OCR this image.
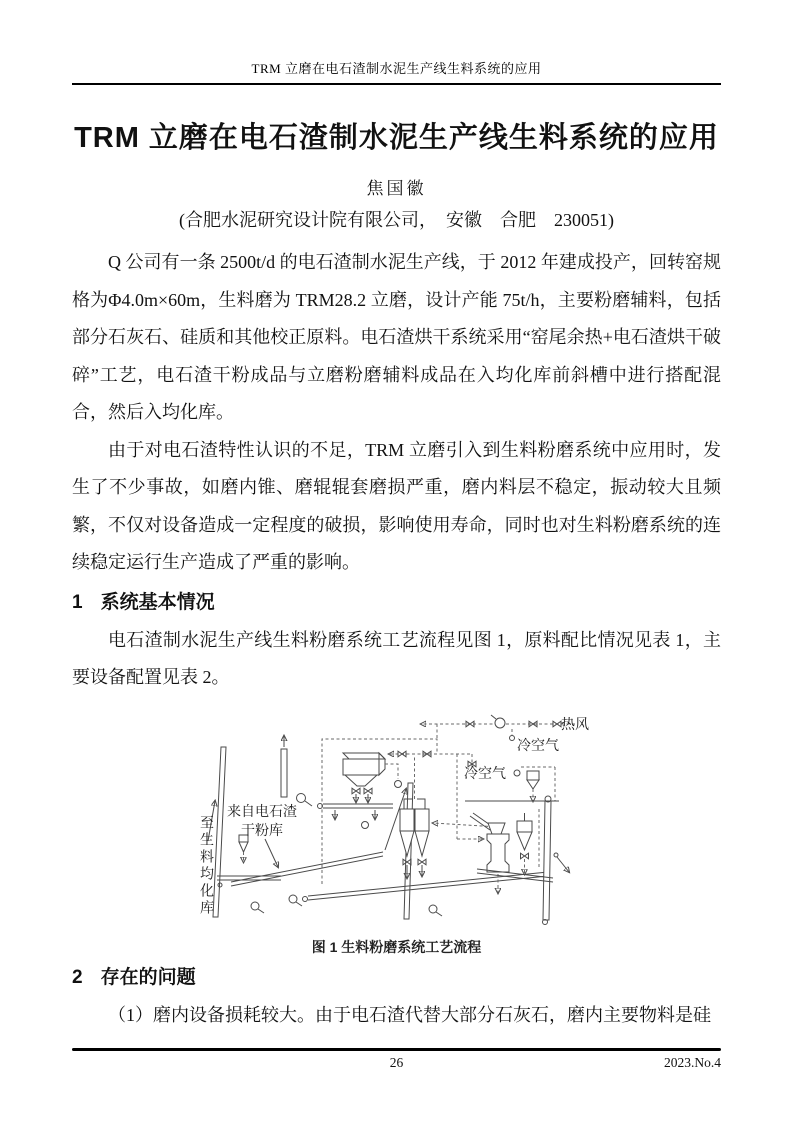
TRM 立磨在电石渣制水泥生产线生料系统的应用
TRM 立磨在电石渣制水泥生产线生料系统的应用
焦国徽
(合肥水泥研究设计院有限公司，　安徽　合肥　230051)

Q 公司有一条 2500t/d 的电石渣制水泥生产线，于 2012 年建成投产，回转窑规格为Φ4.0m×60m，生料磨为 TRM28.2 立磨，设计产能 75t/h，主要粉磨辅料，包括部分石灰石、硅质和其他校正原料。电石渣烘干系统采用“窑尾余热+电石渣烘干破碎”工艺，电石渣干粉成品与立磨粉磨辅料成品在入均化库前斜槽中进行搭配混合，然后入均化库。

由于对电石渣特性认识的不足，TRM 立磨引入到生料粉磨系统中应用时，发生了不少事故，如磨内锥、磨辊辊套磨损严重，磨内料层不稳定，振动较大且频繁，不仅对设备造成一定程度的破损，影响使用寿命，同时也对生料粉磨系统的连续稳定运行生产造成了严重的影响。

1 系统基本情况

电石渣制水泥生产线生料粉磨系统工艺流程见图 1，原料配比情况见表 1，主要设备配置见表 2。

热风
冷空气
冷空气
来自电石渣
干粉库
至生料均化库
图 1 生料粉磨系统工艺流程
2 存在的问题

（1）磨内设备损耗较大。由于电石渣代替大部分石灰石，磨内主要物料是硅

26	2023.No.4
